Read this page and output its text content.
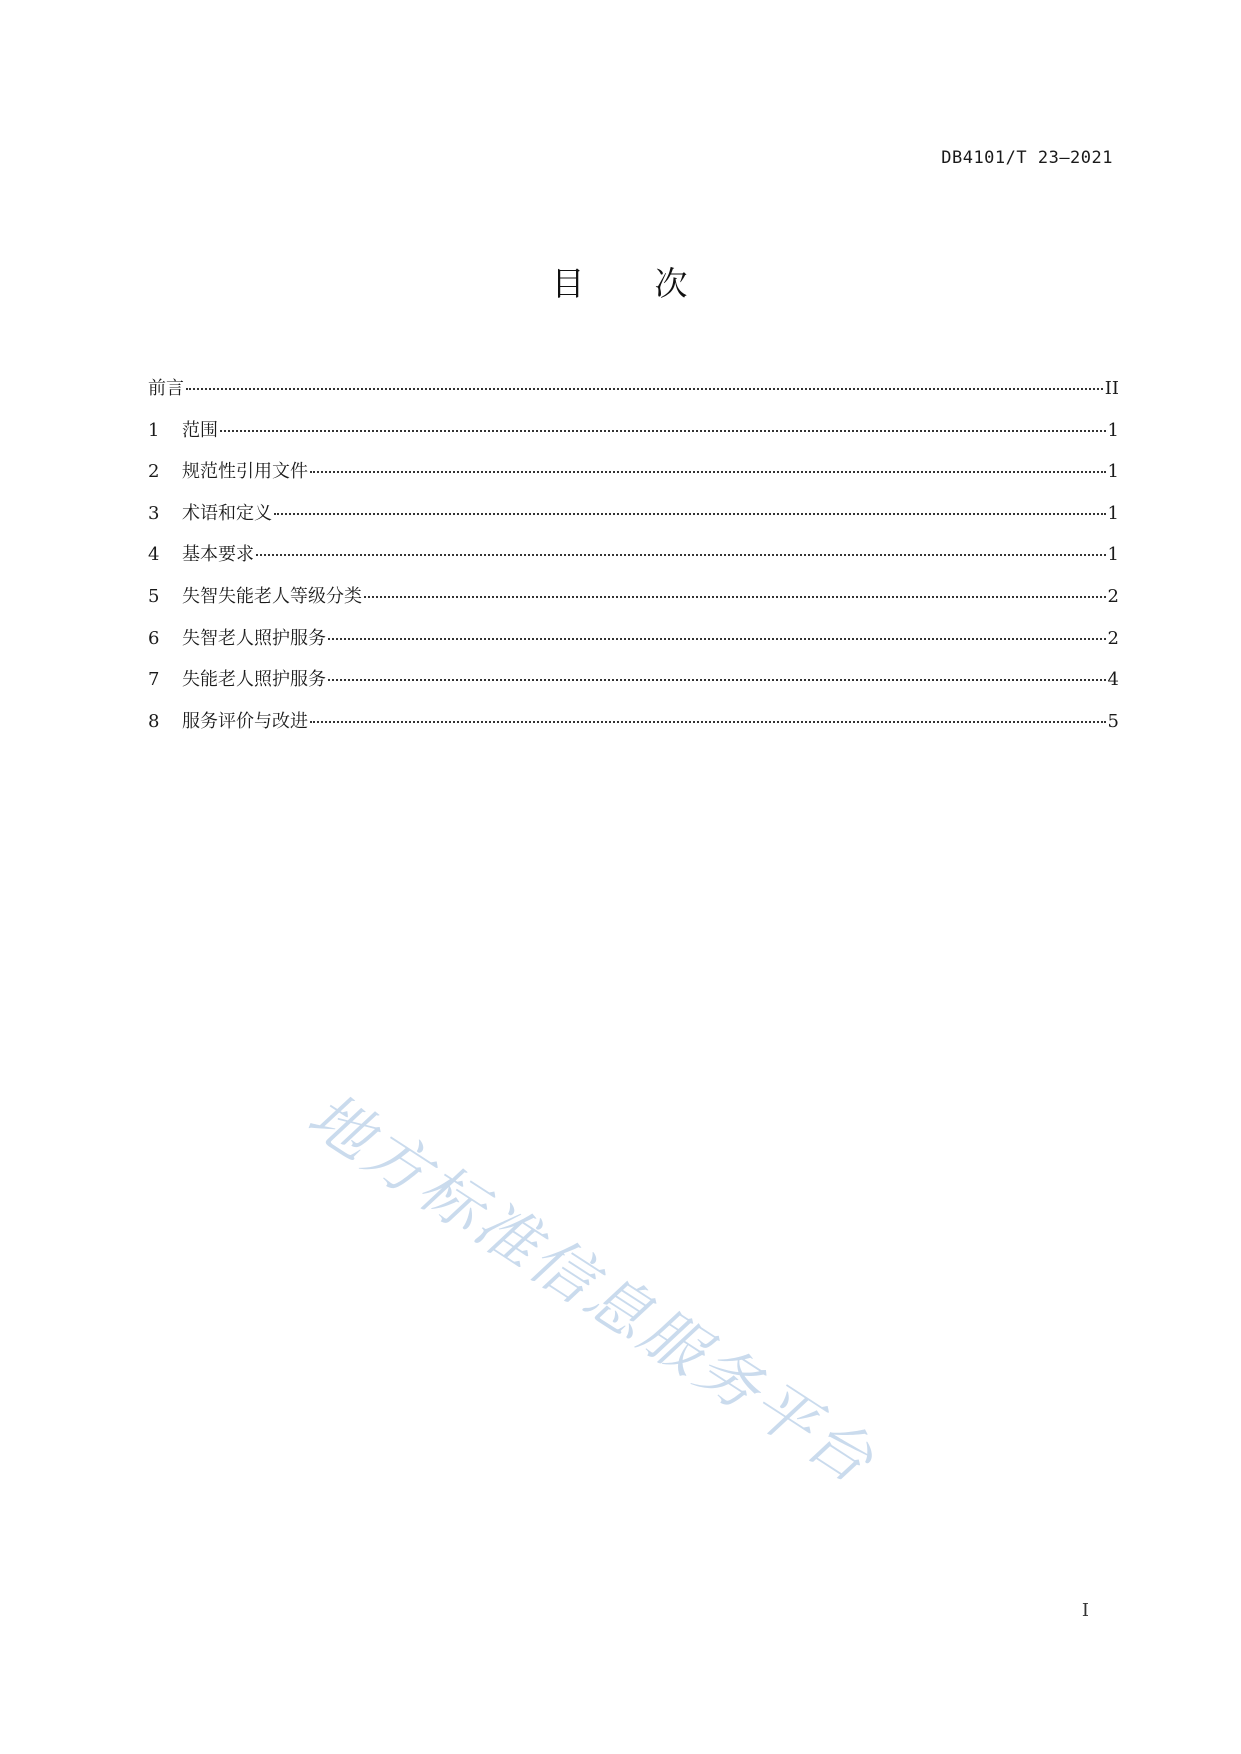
DB4101/T 23—2021
目 次
前言	II
1	范围	1
2	规范性引用文件	1
3	术语和定义	1
4	基本要求	1
5	失智失能老人等级分类	2
6	失智老人照护服务	2
7	失能老人照护服务	4
8	服务评价与改进	5
地方标准信息服务平台
I
